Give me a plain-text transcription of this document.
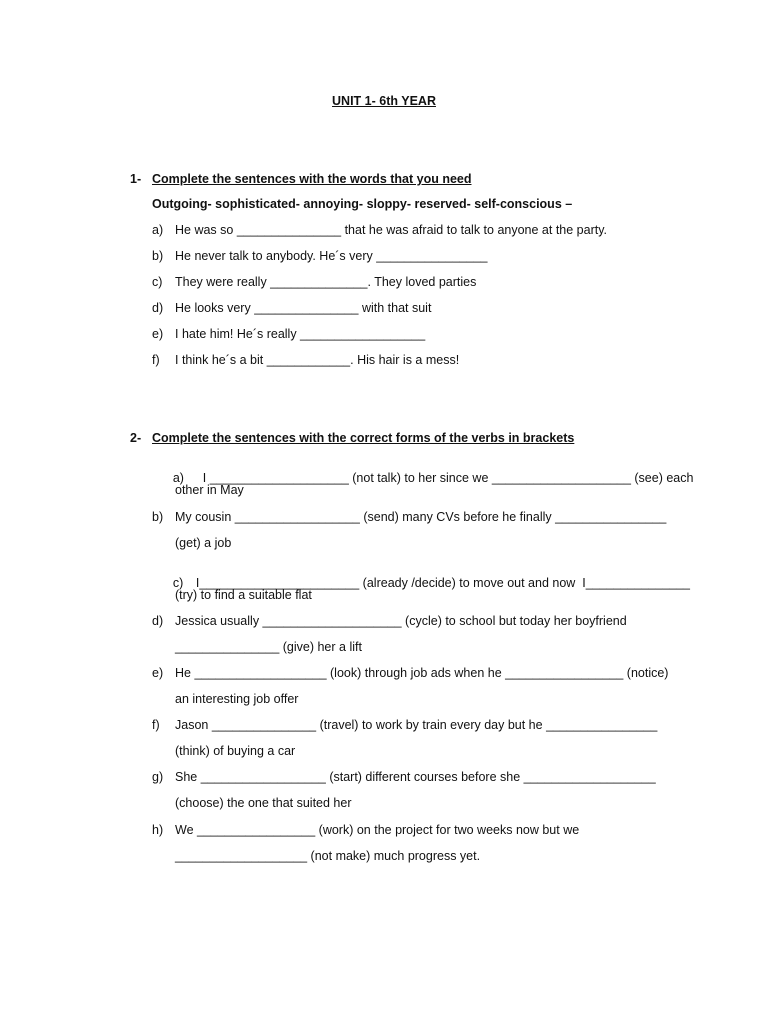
UNIT 1- 6th YEAR
1- Complete the sentences with the words that you need
Outgoing- sophisticated- annoying- sloppy- reserved- self-conscious –
a) He was so _______________ that he was afraid to talk to anyone at the party.
b) He never talk to anybody. He´s very ________________
c) They were really ______________. They loved parties
d) He looks very _______________ with that suit
e) I hate him! He´s really __________________
f) I think he´s a bit ____________. His hair is a mess!
2- Complete the sentences with the correct forms of the verbs in brackets

a)  I ____________________ (not talk) to her since we ____________________ (see) each

other in May
b) My cousin __________________ (send) many CVs before he finally ________________
(get) a job

c) I_______________________ (already /decide) to move out and now  I_______________

(try) to find a suitable flat
d) Jessica usually ____________________ (cycle) to school but today her boyfriend
_______________ (give) her a lift
e) He ___________________ (look) through job ads when he _________________ (notice)
an interesting job offer
f) Jason _______________ (travel) to work by train every day but he ________________
(think) of buying a car
g) She __________________ (start) different courses before she ___________________
(choose) the one that suited her
h) We _________________ (work) on the project for two weeks now but we
___________________ (not make) much progress yet.
